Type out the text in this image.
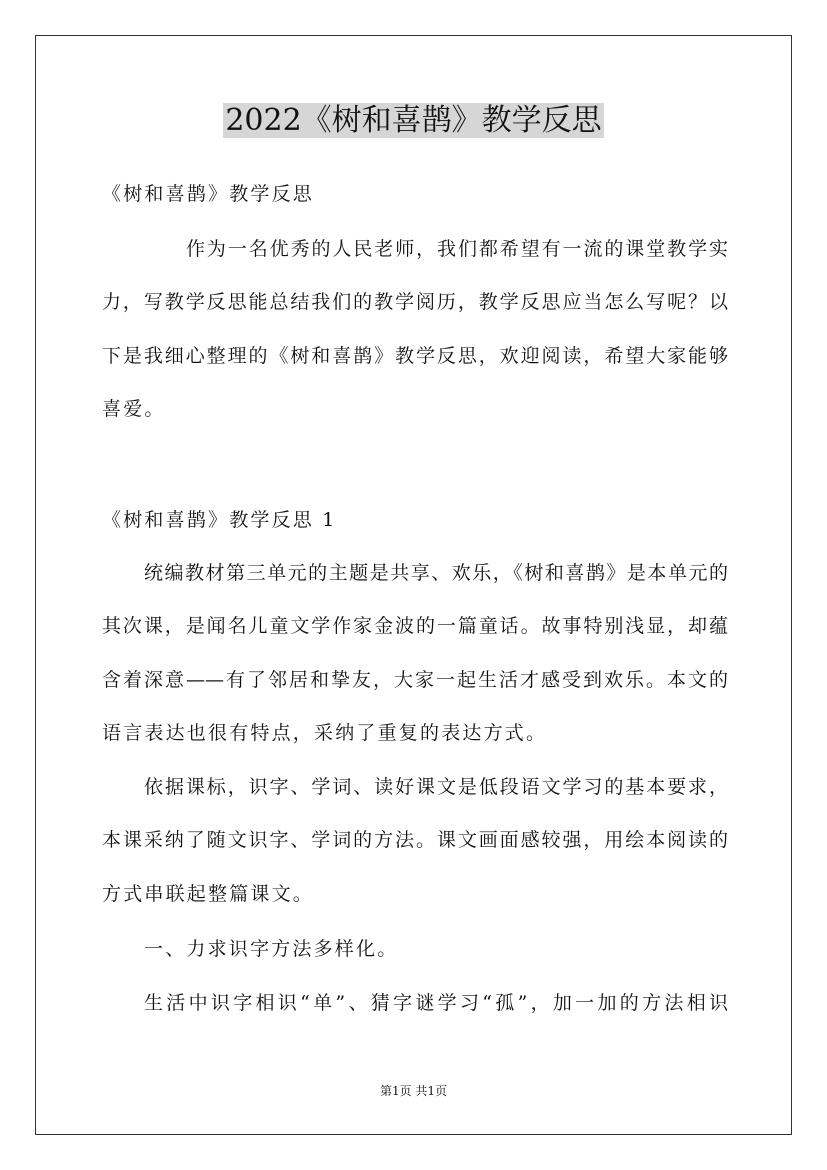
2022《树和喜鹊》教学反思
《树和喜鹊》教学反思
作为一名优秀的人民老师，我们都希望有一流的课堂教学实
力，写教学反思能总结我们的教学阅历，教学反思应当怎么写呢？以
下是我细心整理的《树和喜鹊》教学反思，欢迎阅读，希望大家能够
喜爱。
《树和喜鹊》教学反思 1
统编教材第三单元的主题是共享、欢乐，《树和喜鹊》是本单元的
其次课，是闻名儿童文学作家金波的一篇童话。故事特别浅显，却蕴
含着深意——有了邻居和挚友，大家一起生活才感受到欢乐。本文的
语言表达也很有特点，采纳了重复的表达方式。
依据课标，识字、学词、读好课文是低段语文学习的基本要求，
本课采纳了随文识字、学词的方法。课文画面感较强，用绘本阅读的
方式串联起整篇课文。
一、力求识字方法多样化。
生活中识字相识“单”、猜字谜学习“孤”，加一加的方法相识
第1页 共1页
